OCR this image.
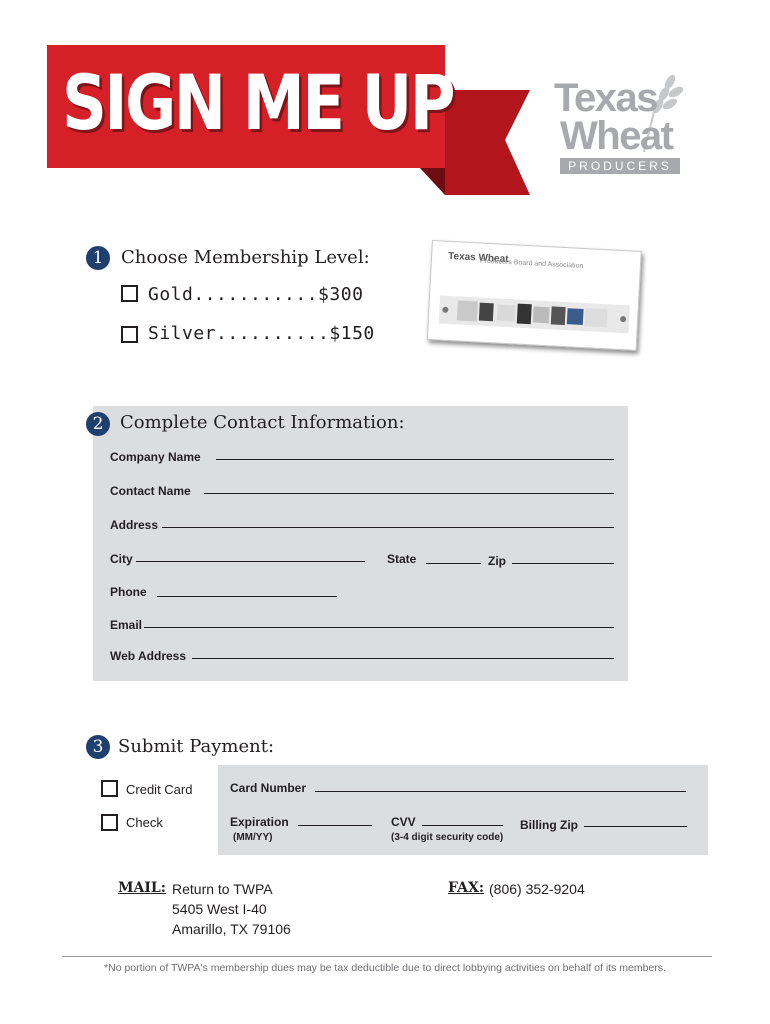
SIGN ME UP	Texas
Wheat
PRODUCERS
1 Choose Membership Level:
Gold...........$300
Silver..........$150
Texas Wheat
Producers Board and Association
2 Complete Contact Information:
Company Name
Contact Name
Address
City	State	Zip
Phone
Email
Web Address
3 Submit Payment:
Credit Card
Check
Card Number
Expiration
(MM/YY)
CVV
(3-4 digit security code)
Billing Zip
MAIL: Return to TWPA
5405 West I-40
Amarillo, TX 79106
FAX: (806) 352-9204
*No portion of TWPA's membership dues may be tax deductible due to direct lobbying activities on behalf of its members.
